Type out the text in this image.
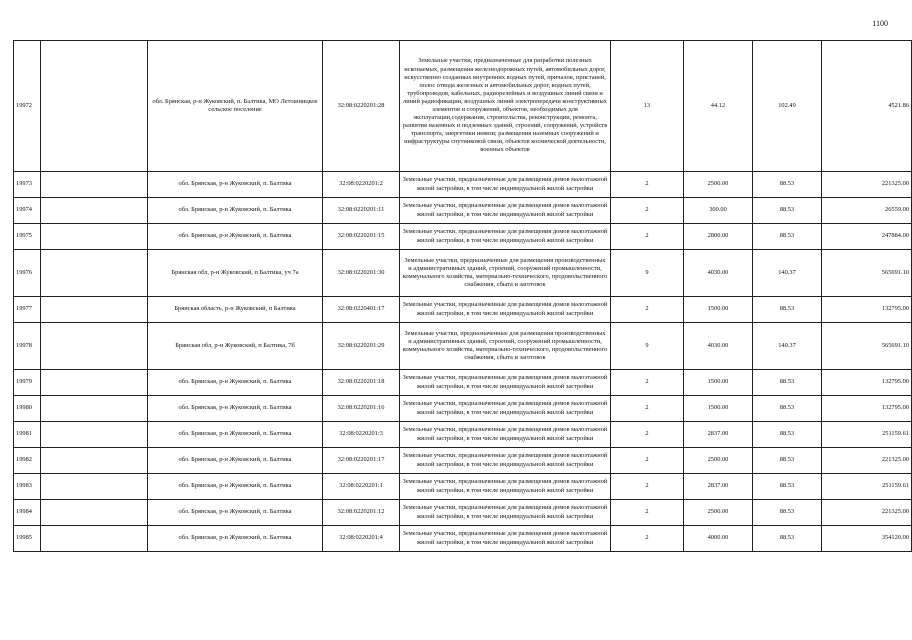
1100
19972		обл. Брянская, р-н Жуковский, п. Балтика, МО Летошницкое сельское поселение	32:08:0220201:28	Земельные участки, предназначенные для разработки полезных ископаемых, размещения железнодорожных путей, автомобильных дорог, искусственно созданных внутренних водных путей, причалов, пристаней, полос отвода железных и автомобильных дорог, водных путей, трубопроводов, кабельных, радиорелейных и воздушных линий связи и линий радиофикации, воздушных линий электропередачи конструктивных элементов и сооружений, объектов, необходимых для эксплуатации,содержания, строительства, реконструкции, ремонта, развития наземных и подземных зданий, строений, сооружений, устройств транспорта, энергетики иевязи; размещения наземных сооружений и инфраструктуры спутниковой связи, объектов космической деятельности, военных объектов	13	44.12	102.49	4521.86
19973		обл. Брянская, р-н Жуковский, п. Балтика	32:08:0220201:2	Земельные участки, предназначенные для размещения домов малоэтажной жилой застройки, в том числе индивидуальной жилой застройки	2	2500.00	88.53	221325.00
19974		обл. Брянская, р-н Жуковский, п. Балтика	32:08:0220201:11	Земельные участки, предназначенные для размещения домов малоэтажной жилой застройки, в том числе индивидуальной жилой застройки	2	300.00	88.53	26559.00
19975		обл. Брянская, р-н Жуковский, п. Балтика	32:08:0220201:15	Земельные участки, предназначенные для размещения домов малоэтажной жилой застройки, в том числе индивидуальной жилой застройки	2	2800.00	88.53	247884.00
19976		Брянская обл, р-н Жуковский, п Балтика, уч 7а	32:08:0220201:30	Земельные участки, предназначенные для размещения производственных и административных зданий, строений, сооружений промышленности, коммунального хозяйства, материально-технического, продовольственного снабжения, сбыта и заготовок	9	4030.00	140.37	565691.10
19977		Брянская область, р-н Жуковский, п Балтика	32:08:0220401:17	Земельные участки, предназначенные для размещения домов малоэтажной жилой застройки, в том числе индивидуальной жилой застройки	2	1500.00	88.53	132795.00
19978		Брянская обл, р-н Жуковский, п Балтика, 7б	32:08:0220201:29	Земельные участки, предназначенные для размещения производственных и административных зданий, строений, сооружений промышленности, коммунального хозяйства, материально-технического, продовольственного снабжения, сбыта и заготовок	9	4030.00	140.37	565691.10
19979		обл. Брянская, р-н Жуковский, п. Балтика	32:08:0220201:18	Земельные участки, предназначенные для размещения домов малоэтажной жилой застройки, в том числе индивидуальной жилой застройки	2	1500.00	88.53	132795.00
19980		обл. Брянская, р-н Жуковский, п. Балтика	32:08:0220201:16	Земельные участки, предназначенные для размещения домов малоэтажной жилой застройки, в том числе индивидуальной жилой застройки	2	1500.00	88.53	132795.00
19981		обл. Брянская, р-н Жуковский, п. Балтика	32:08:0220201:3	Земельные участки, предназначенные для размещения домов малоэтажной жилой застройки, в том числе индивидуальной жилой застройки	2	2837.00	88.53	251159.61
19982		обл. Брянская, р-н Жуковский, п. Балтика	32:08:0220201:17	Земельные участки, предназначенные для размещения домов малоэтажной жилой застройки, в том числе индивидуальной жилой застройки	2	2500.00	88.53	221325.00
19983		обл. Брянская, р-н Жуковский, п. Балтика	32:08:0220201:1	Земельные участки, предназначенные для размещения домов малоэтажной жилой застройки, в том числе индивидуальной жилой застройки	2	2837.00	88.53	251159.61
19984		обл. Брянская, р-н Жуковский, п. Балтика	32:08:0220201:12	Земельные участки, предназначенные для размещения домов малоэтажной жилой застройки, в том числе индивидуальной жилой застройки	2	2500.00	88.53	221325.00
19985		обл. Брянская, р-н Жуковский, п. Балтика	32:08:0220201:4	Земельные участки, предназначенные для размещения домов малоэтажной жилой застройки, в том числе индивидуальной жилой застройки	2	4000.00	88.53	354120.00
